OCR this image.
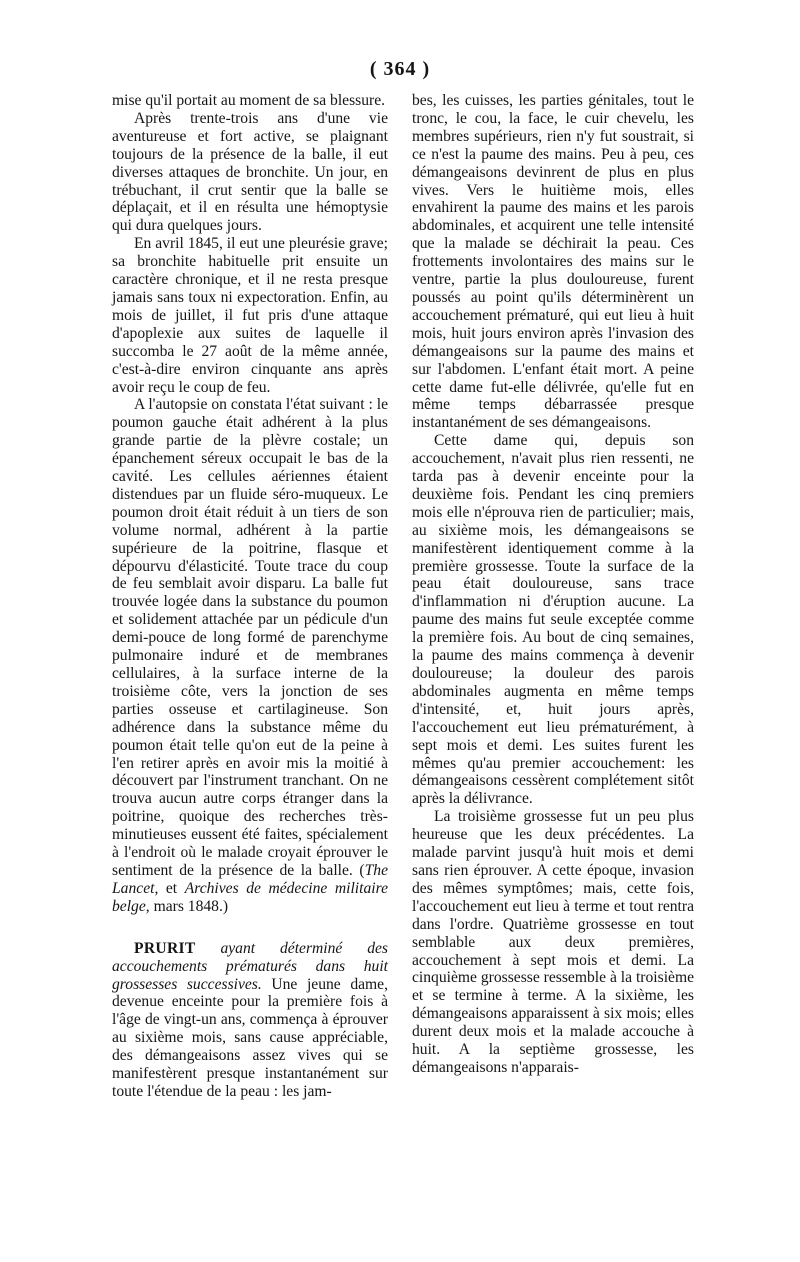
( 364 )

mise qu'il portait au moment de sa blessure.

Après trente-trois ans d'une vie aventureuse et fort active, se plaignant toujours de la présence de la balle, il eut diverses attaques de bronchite. Un jour, en trébuchant, il crut sentir que la balle se déplaçait, et il en résulta une hémoptysie qui dura quelques jours.

En avril 1845, il eut une pleurésie grave; sa bronchite habituelle prit ensuite un caractère chronique, et il ne resta presque jamais sans toux ni expectoration. Enfin, au mois de juillet, il fut pris d'une attaque d'apoplexie aux suites de laquelle il succomba le 27 août de la même année, c'est-à-dire environ cinquante ans après avoir reçu le coup de feu.

A l'autopsie on constata l'état suivant : le poumon gauche était adhérent à la plus grande partie de la plèvre costale; un épanchement séreux occupait le bas de la cavité. Les cellules aériennes étaient distendues par un fluide séro-muqueux. Le poumon droit était réduit à un tiers de son volume normal, adhérent à la partie supérieure de la poitrine, flasque et dépourvu d'élasticité. Toute trace du coup de feu semblait avoir disparu. La balle fut trouvée logée dans la substance du poumon et solidement attachée par un pédicule d'un demi-pouce de long formé de parenchyme pulmonaire induré et de membranes cellulaires, à la surface interne de la troisième côte, vers la jonction de ses parties osseuse et cartilagineuse. Son adhérence dans la substance même du poumon était telle qu'on eut de la peine à l'en retirer après en avoir mis la moitié à découvert par l'instrument tranchant. On ne trouva aucun autre corps étranger dans la poitrine, quoique des recherches très-minutieuses eussent été faites, spécialement à l'endroit où le malade croyait éprouver le sentiment de la présence de la balle. (The Lancet, et Archives de médecine militaire belge, mars 1848.)

PRURIT ayant déterminé des accouchements prématurés dans huit grossesses successives. Une jeune dame, devenue enceinte pour la première fois à l'âge de vingt-un ans, commença à éprouver au sixième mois, sans cause appréciable, des démangeaisons assez vives qui se manifestèrent presque instantanément sur toute l'étendue de la peau : les jam-

bes, les cuisses, les parties génitales, tout le tronc, le cou, la face, le cuir chevelu, les membres supérieurs, rien n'y fut soustrait, si ce n'est la paume des mains. Peu à peu, ces démangeaisons devinrent de plus en plus vives. Vers le huitième mois, elles envahirent la paume des mains et les parois abdominales, et acquirent une telle intensité que la malade se déchirait la peau. Ces frottements involontaires des mains sur le ventre, partie la plus douloureuse, furent poussés au point qu'ils déterminèrent un accouchement prématuré, qui eut lieu à huit mois, huit jours environ après l'invasion des démangeaisons sur la paume des mains et sur l'abdomen. L'enfant était mort. A peine cette dame fut-elle délivrée, qu'elle fut en même temps débarrassée presque instantanément de ses démangeaisons.

Cette dame qui, depuis son accouchement, n'avait plus rien ressenti, ne tarda pas à devenir enceinte pour la deuxième fois. Pendant les cinq premiers mois elle n'éprouva rien de particulier; mais, au sixième mois, les démangeaisons se manifestèrent identiquement comme à la première grossesse. Toute la surface de la peau était douloureuse, sans trace d'inflammation ni d'éruption aucune. La paume des mains fut seule exceptée comme la première fois. Au bout de cinq semaines, la paume des mains commença à devenir douloureuse; la douleur des parois abdominales augmenta en même temps d'intensité, et, huit jours après, l'accouchement eut lieu prématurément, à sept mois et demi. Les suites furent les mêmes qu'au premier accouchement: les démangeaisons cessèrent complétement sitôt après la délivrance.

La troisième grossesse fut un peu plus heureuse que les deux précédentes. La malade parvint jusqu'à huit mois et demi sans rien éprouver. A cette époque, invasion des mêmes symptômes; mais, cette fois, l'accouchement eut lieu à terme et tout rentra dans l'ordre. Quatrième grossesse en tout semblable aux deux premières, accouchement à sept mois et demi. La cinquième grossesse ressemble à la troisième et se termine à terme. A la sixième, les démangeaisons apparaissent à six mois; elles durent deux mois et la malade accouche à huit. A la septième grossesse, les démangeaisons n'apparais-
